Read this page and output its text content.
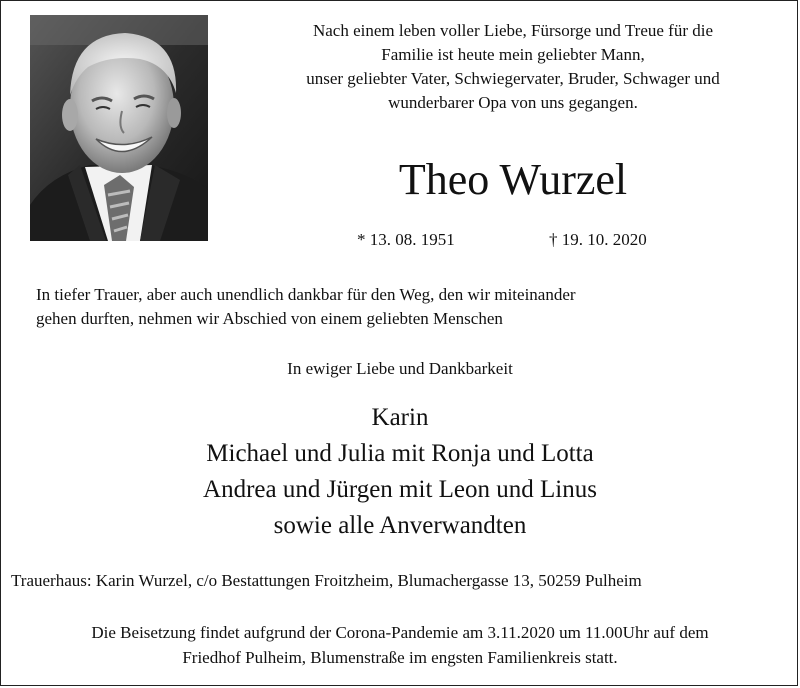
Nach einem leben voller Liebe, Fürsorge und Treue für die
Familie ist heute mein geliebter Mann,
unser geliebter Vater, Schwiegervater, Bruder, Schwager und
wunderbarer Opa von uns gegangen.

Theo Wurzel
* 13. 08. 1951	† 19. 10. 2020

In tiefer Trauer, aber auch unendlich dankbar für den Weg, den wir miteinander
gehen durften, nehmen wir Abschied von einem geliebten Menschen

In ewiger Liebe und Dankbarkeit

Karin
Michael und Julia mit Ronja und Lotta
Andrea und Jürgen mit Leon und Linus
sowie alle Anverwandten

Trauerhaus: Karin Wurzel, c/o Bestattungen Froitzheim, Blumachergasse 13, 50259 Pulheim

Die Beisetzung findet aufgrund der Corona-Pandemie am 3.11.2020 um 11.00Uhr auf dem
Friedhof Pulheim, Blumenstraße im engsten Familienkreis statt.
